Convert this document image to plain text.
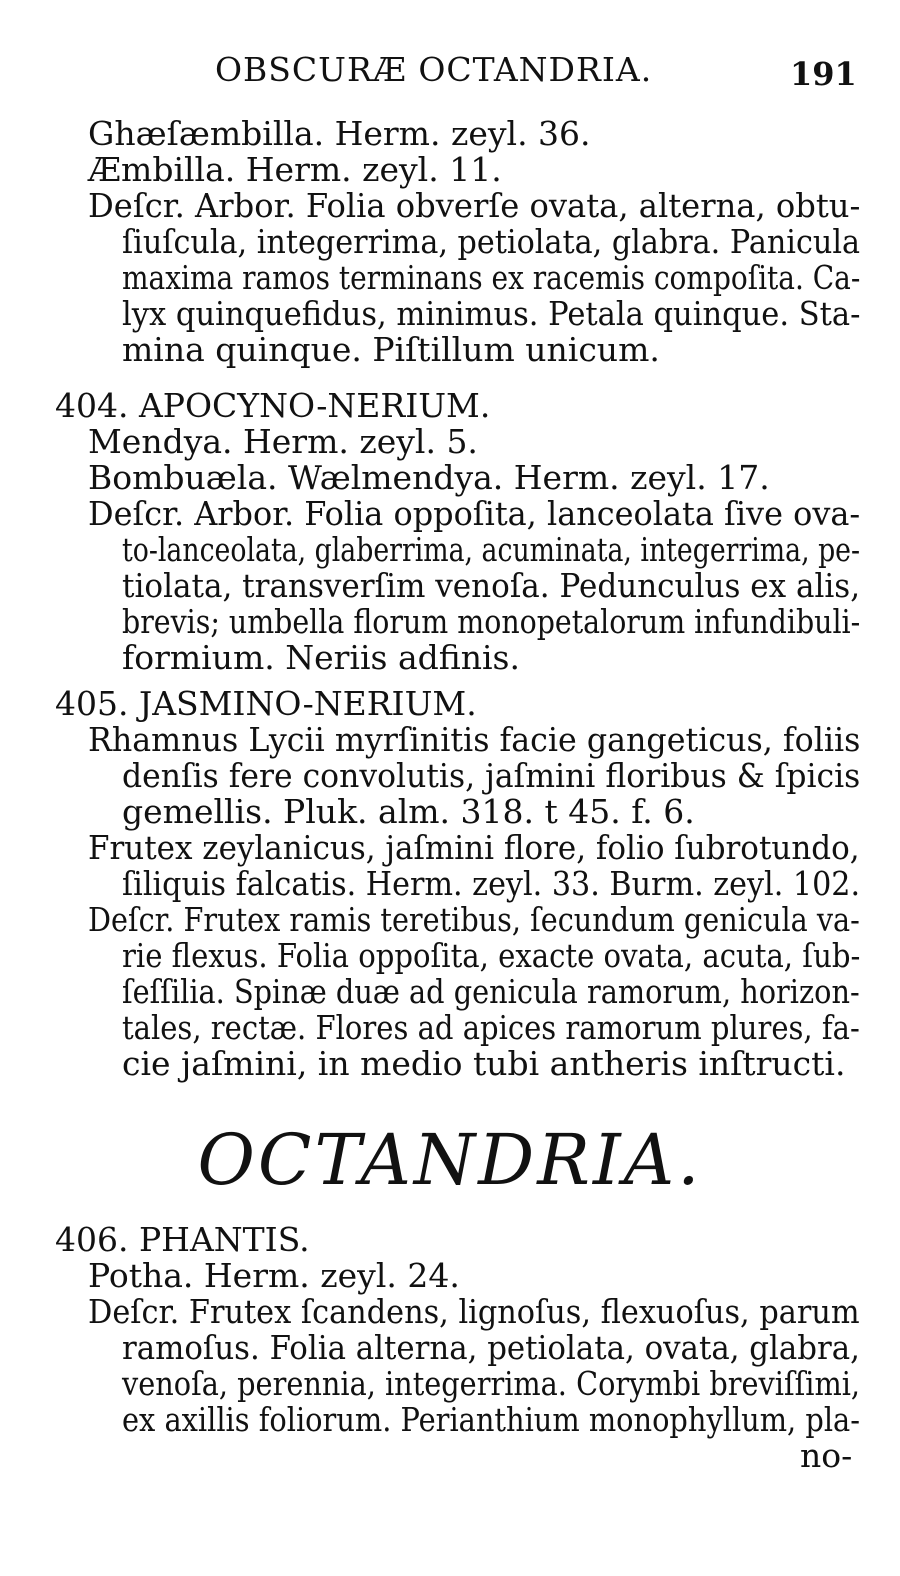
OBSCURÆ OCTANDRIA.	191
Ghæſæmbilla. Herm. zeyl. 36.
Æmbilla. Herm. zeyl. 11.
Deſcr. Arbor. Folia obverſe ovata, alterna, obtu-
ſiuſcula, integerrima, petiolata, glabra. Panicula
maxima ramos terminans ex racemis compoſita. Ca-
lyx quinquefidus, minimus. Petala quinque. Sta-
mina quinque. Piſtillum unicum.
404. APOCYNO-NERIUM.
Mendya. Herm. zeyl. 5.
Bombuæla. Wælmendya. Herm. zeyl. 17.
Deſcr. Arbor. Folia oppoſita, lanceolata ſive ova-
to-lanceolata, glaberrima, acuminata, integerrima, pe-
tiolata, transverſim venoſa. Pedunculus ex alis,
brevis; umbella florum monopetalorum infundibuli-
formium. Neriis adfinis.
405. JASMINO-NERIUM.
Rhamnus Lycii myrſinitis facie gangeticus, foliis
denſis fere convolutis, jaſmini floribus & ſpicis
gemellis. Pluk. alm. 318. t 45. f. 6.
Frutex zeylanicus, jaſmini flore, folio ſubrotundo,
ſiliquis falcatis. Herm. zeyl. 33. Burm. zeyl. 102.
Deſcr. Frutex ramis teretibus, ſecundum genicula va-
rie flexus. Folia oppoſita, exacte ovata, acuta, ſub-
ſeſſilia. Spinæ duæ ad genicula ramorum, horizon-
tales, rectæ. Flores ad apices ramorum plures, fa-
cie jaſmini, in medio tubi antheris inſtructi.
406. PHANTIS.
Potha. Herm. zeyl. 24.
Deſcr. Frutex ſcandens, lignoſus, flexuoſus, parum
ramoſus. Folia alterna, petiolata, ovata, glabra,
venoſa, perennia, integerrima. Corymbi breviſſimi,
ex axillis foliorum. Perianthium monophyllum, pla-
no-
OCTANDRIA.
